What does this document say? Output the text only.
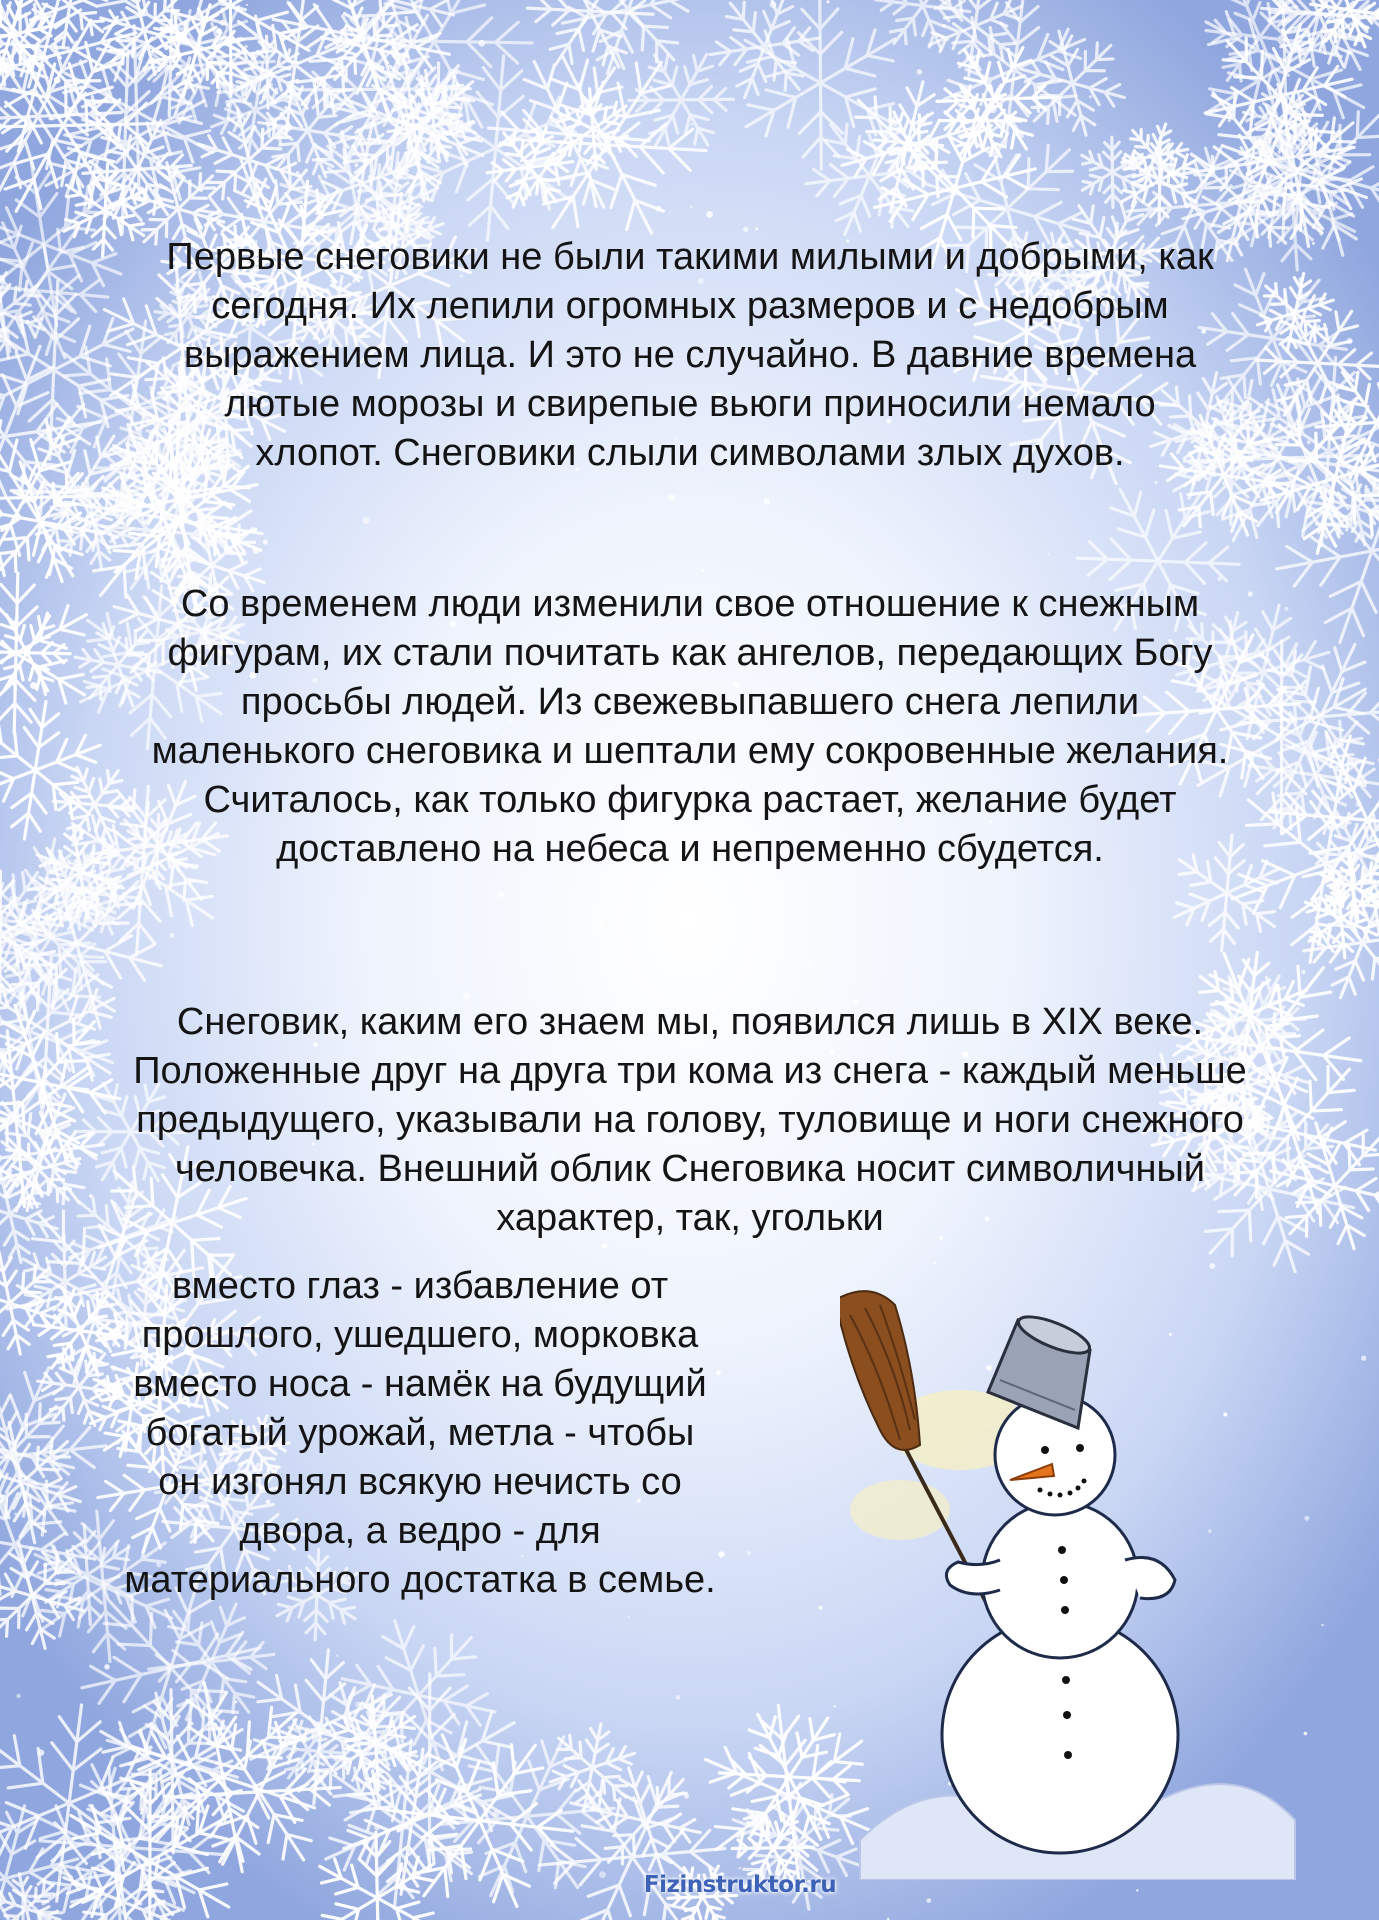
Первые снеговики не были такими милыми и добрыми, как сегодня. Их лепили огромных размеров и с недобрым выражением лица. И это не случайно. В давние времена лютые морозы и свирепые вьюги приносили немало хлопот. Снеговики слыли символами злых духов.

Со временем люди изменили свое отношение к снежным фигурам, их стали почитать как ангелов, передающих Богу просьбы людей. Из свежевыпавшего снега лепили маленького снеговика и шептали ему сокровенные желания. Считалось, как только фигурка растает, желание будет доставлено на небеса и непременно сбудется.

Снеговик, каким его знаем мы, появился лишь в XIX веке. Положенные друг на друга три кома из снега - каждый меньше предыдущего, указывали на голову, туловище и ноги снежного человечка. Внешний облик Снеговика носит символичный характер, так, угольки

вместо глаз - избавление от прошлого, ушедшего, морковка вместо носа - намёк на будущий богатый урожай, метла - чтобы он изгонял всякую нечисть со двора, а ведро - для материального достатка в семье.

Fizinstruktor.ru
